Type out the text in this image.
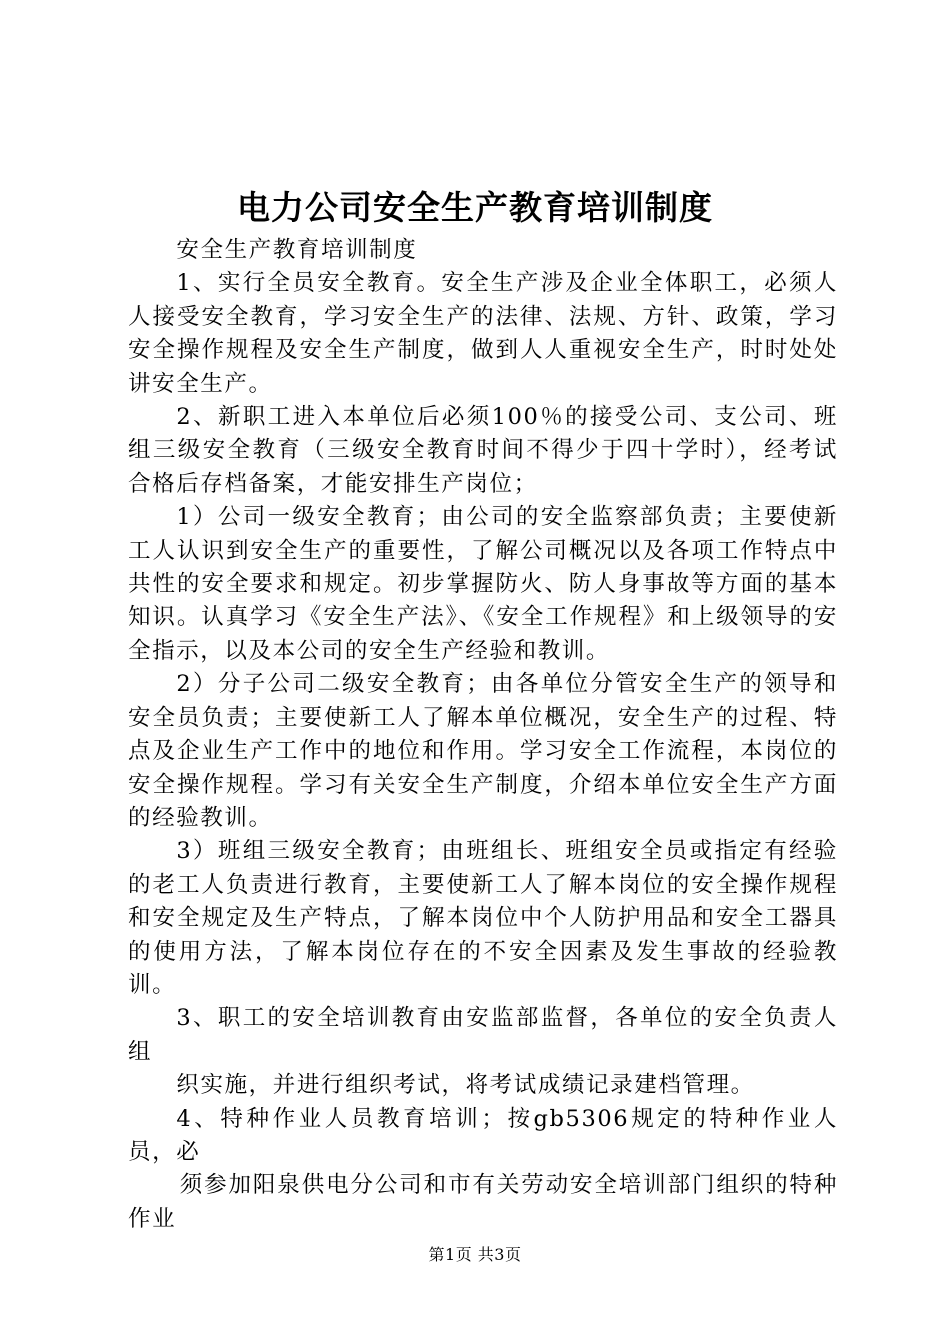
电力公司安全生产教育培训制度

安全生产教育培训制度

1、实行全员安全教育。安全生产涉及企业全体职工，必须人人接受安全教育，学习安全生产的法律、法规、方针、政策，学习安全操作规程及安全生产制度，做到人人重视安全生产，时时处处讲安全生产。

2、新职工进入本单位后必须100％的接受公司、支公司、班组三级安全教育（三级安全教育时间不得少于四十学时），经考试合格后存档备案，才能安排生产岗位；

1）公司一级安全教育；由公司的安全监察部负责；主要使新工人认识到安全生产的重要性，了解公司概况以及各项工作特点中共性的安全要求和规定。初步掌握防火、防人身事故等方面的基本知识。认真学习《安全生产法》、《安全工作规程》和上级领导的安全指示，以及本公司的安全生产经验和教训。

2）分子公司二级安全教育；由各单位分管安全生产的领导和安全员负责；主要使新工人了解本单位概况，安全生产的过程、特点及企业生产工作中的地位和作用。学习安全工作流程，本岗位的安全操作规程。学习有关安全生产制度，介绍本单位安全生产方面的经验教训。

3）班组三级安全教育；由班组长、班组安全员或指定有经验的老工人负责进行教育，主要使新工人了解本岗位的安全操作规程和安全规定及生产特点，了解本岗位中个人防护用品和安全工器具的使用方法，了解本岗位存在的不安全因素及发生事故的经验教训。

3、职工的安全培训教育由安监部监督，各单位的安全负责人组

织实施，并进行组织考试，将考试成绩记录建档管理。

4、特种作业人员教育培训；按gb5306规定的特种作业人员，必

须参加阳泉供电分公司和市有关劳动安全培训部门组织的特种作业

第1页 共3页
